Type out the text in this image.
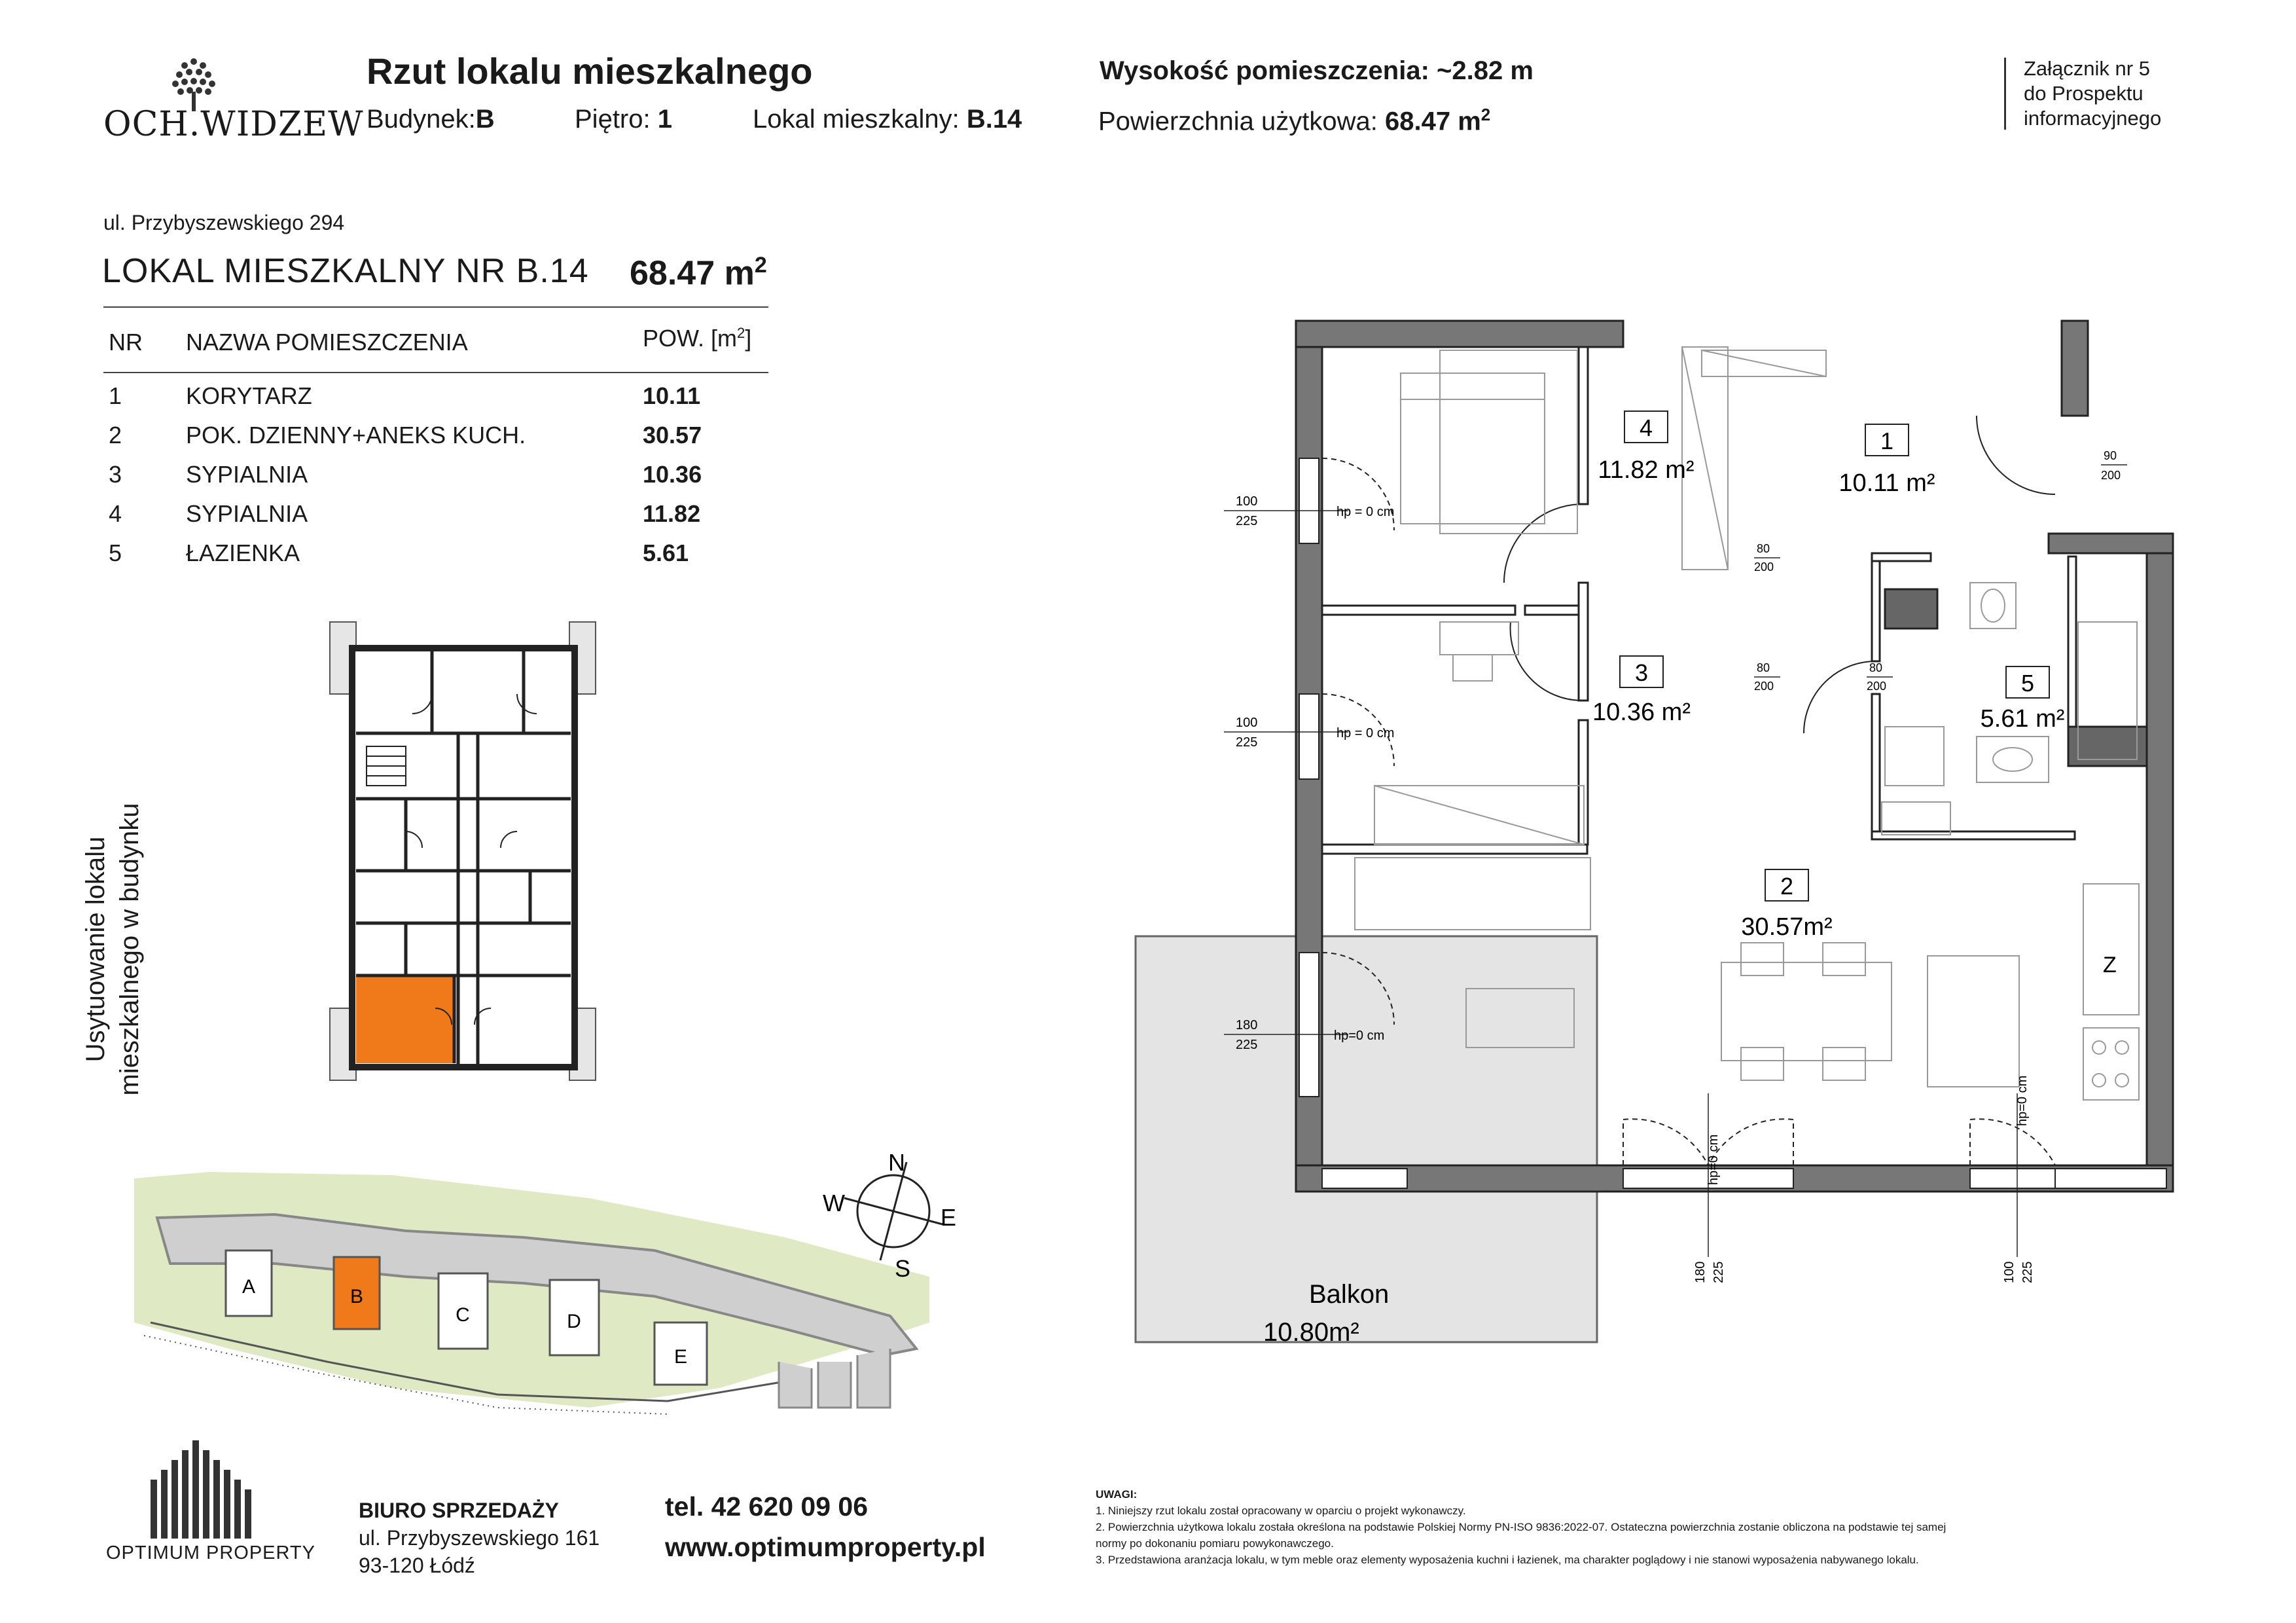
OCH.WIDZEW
Rzut lokalu mieszkalnego
Budynek:B	Piętro: 1	Lokal mieszkalny: B.14
Wysokość pomieszczenia: ~2.82 m
Powierzchnia użytkowa: 68.47 $m^2$
Załącznik nr 5
do Prospektu
informacyjnego
ul. Przybyszewskiego 294
LOKAL MIESZKALNY NR B.14 68.47 $m^2$
NR NAZWA POMIESZCZENIA	POW. $[m^2]$
1	KORYTARZ	10.11
2	POK. DZIENNY+ANEKS KUCH.	30.57
3	SYPIALNIA	10.36
4	SYPIALNIA	11.82
5	ŁAZIENKA	5.61
Usytuowanie lokalu mieszkalnego w budynku
A	B
C	D
E
N
E
S
W
Balkon
10.80m²
Z
4
11.82 m²
1
10.11 m²
3
10.36 m²
5
5.61 m²
2
30.57m²
100
225
hp = 0 cm
100
225
hp = 0 cm
180
225
hp=0 cm
90
200
80
200
80
200
80
200
hp=0 cm
180 225
hp=0 cm
100 225
OPTIMUM PROPERTY
BIURO SPRZEDAŻY
ul. Przybyszewskiego 161
93-120 Łódź
tel. 42 620 09 06
www.optimumproperty.pl
UWAGI:
1. Niniejszy rzut lokalu został opracowany w oparciu o projekt wykonawczy.
2. Powierzchnia użytkowa lokalu została określona na podstawie Polskiej Normy PN-ISO 9836:2022-07. Ostateczna powierzchnia zostanie obliczona na podstawie tej samej
normy po dokonaniu pomiaru powykonawczego.
3. Przedstawiona aranżacja lokalu, w tym meble oraz elementy wyposażenia kuchni i łazienek, ma charakter poglądowy i nie stanowi wyposażenia nabywanego lokalu.
